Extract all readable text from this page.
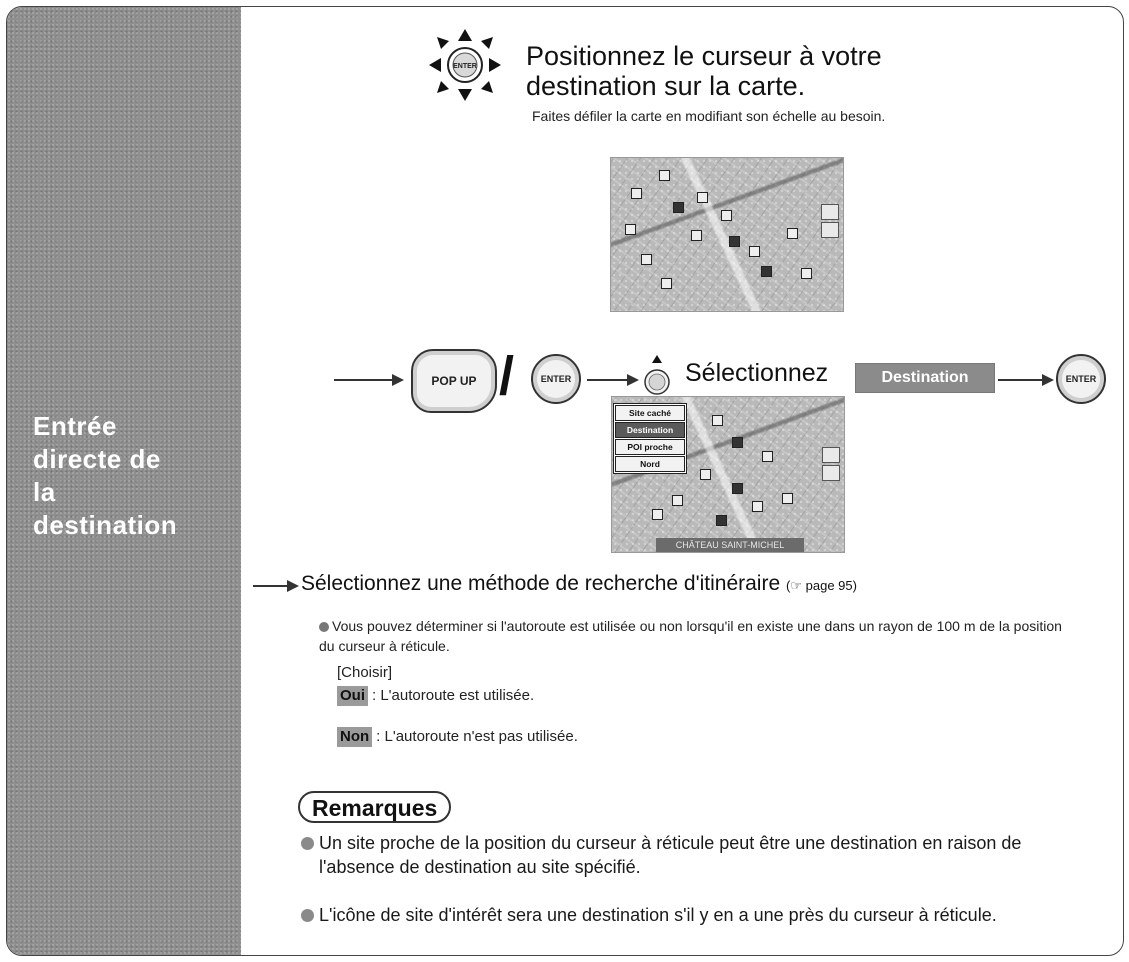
Entrée
directe de
la
destination
ENTER Positionnez le curseur à votre
destination sur la carte.
Faites défiler la carte en modifiant son échelle au besoin.
POP UP /	ENTER	Sélectionnez	Destination	ENTER
Site caché
Destination
POI proche
Nord
CHÂTEAU SAINT-MICHEL
Sélectionnez une méthode de recherche d'itinéraire (☞ page 95)
Vous pouvez déterminer si l'autoroute est utilisée ou non lorsqu'il en existe une dans un rayon de 100 m de la position du curseur à réticule.
[Choisir]
Oui : L'autoroute est utilisée.
Non : L'autoroute n'est pas utilisée.
Remarques
Un site proche de la position du curseur à réticule peut être une destination en raison de l'absence de destination au site spécifié.
L'icône de site d'intérêt sera une destination s'il y en a une près du curseur à réticule.
